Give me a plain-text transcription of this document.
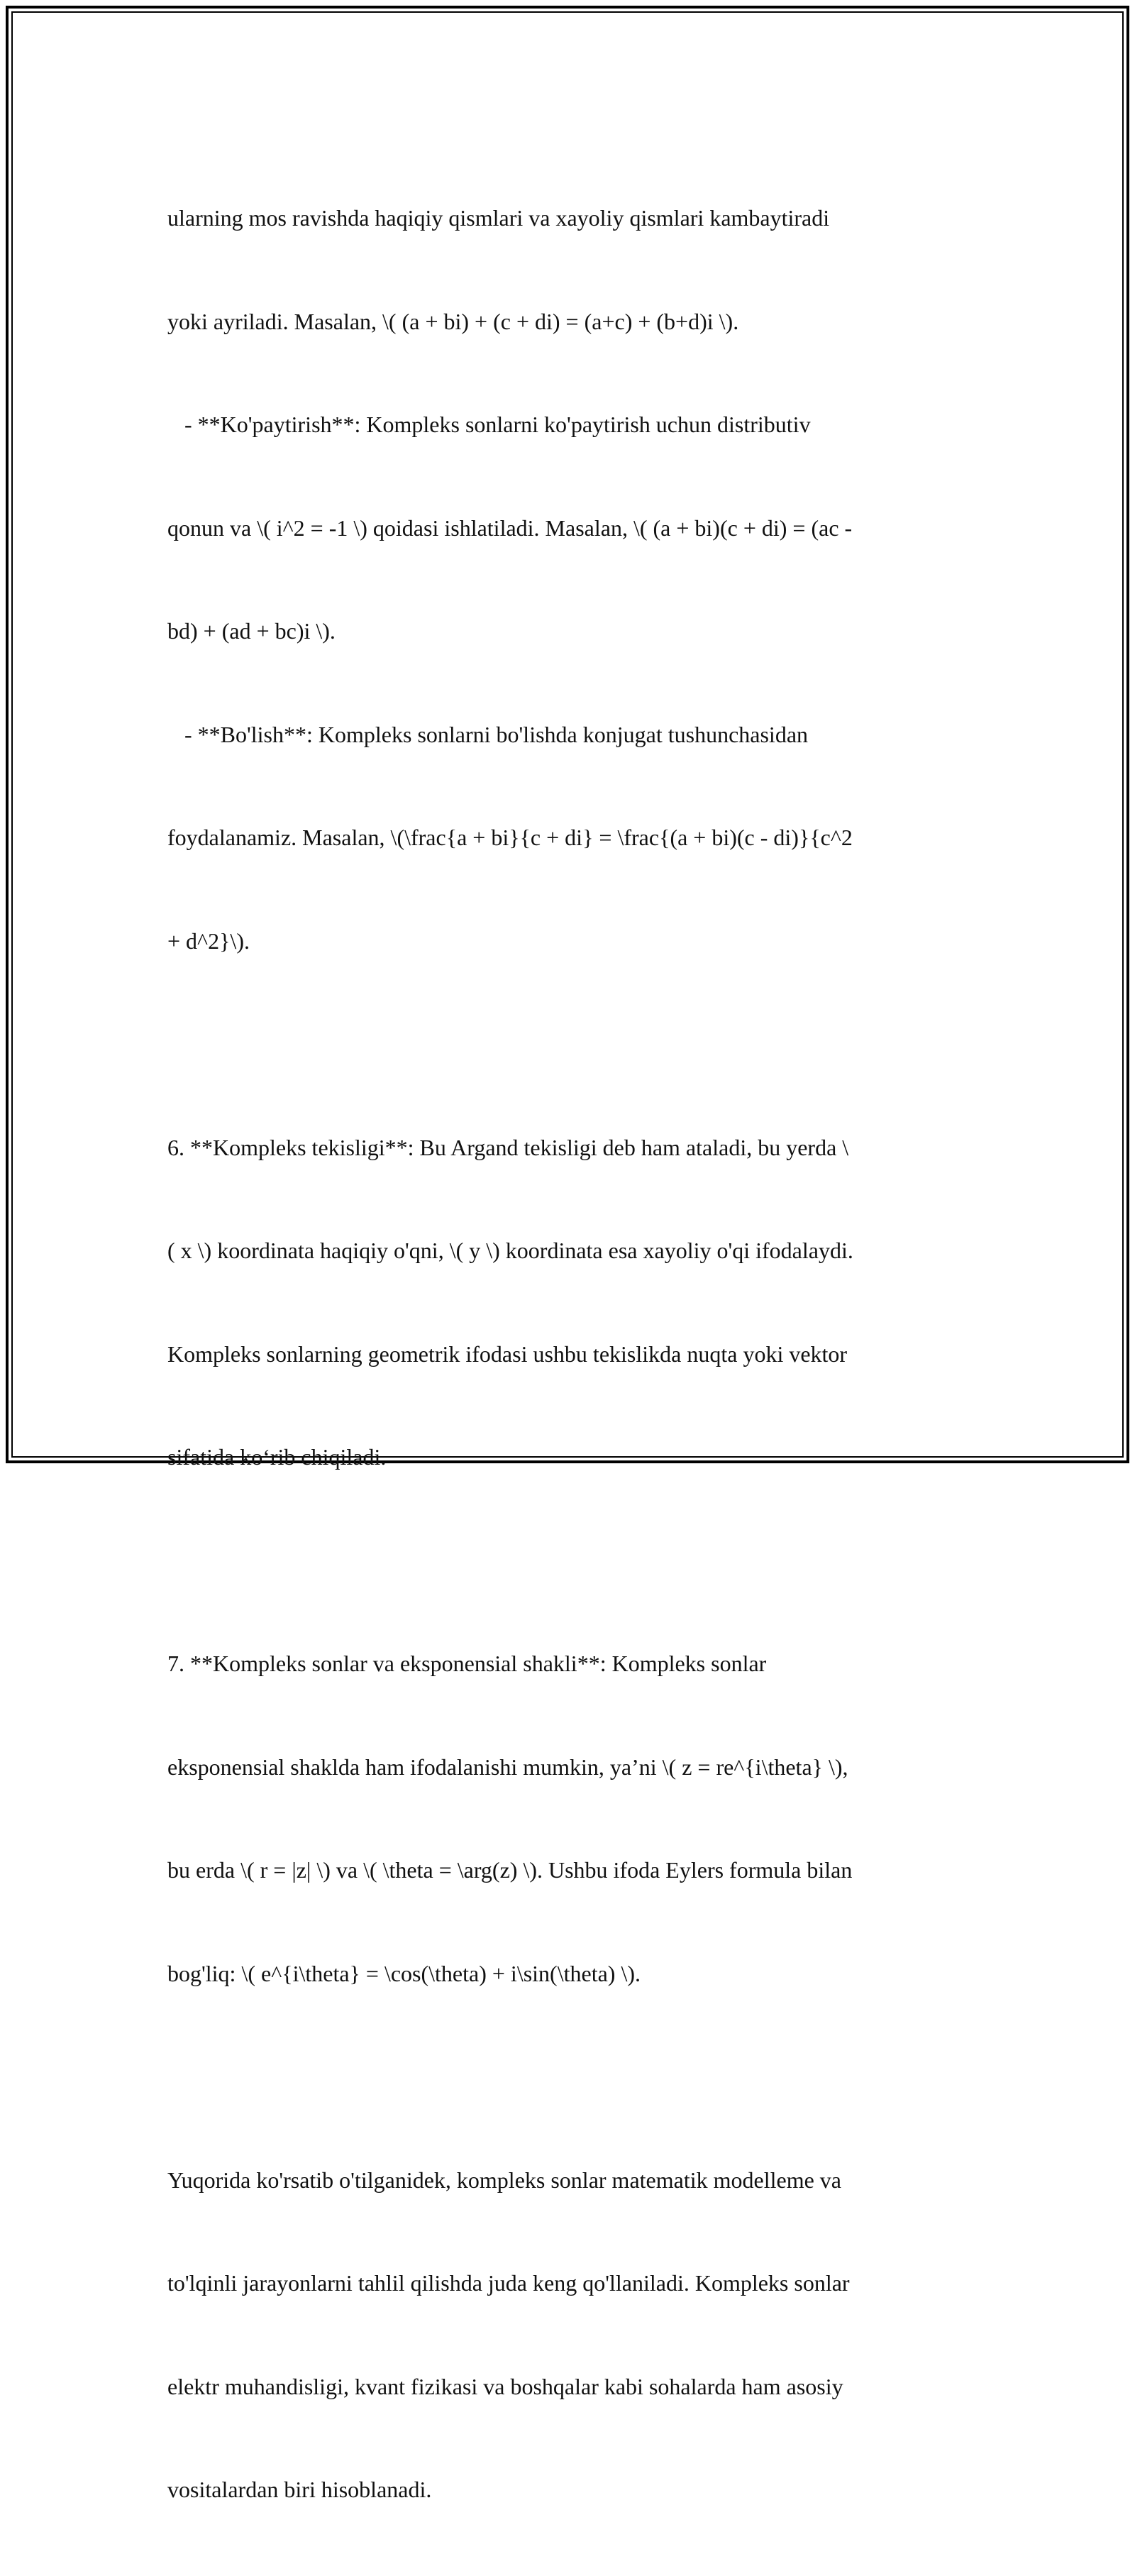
ularning mos ravishda haqiqiy qismlari va xayoliy qismlari kambaytiradi

yoki ayriladi. Masalan, \( (a + bi) + (c + di) = (a+c) + (b+d)i \).

- **Ko'paytirish**: Kompleks sonlarni ko'paytirish uchun distributiv

qonun va \( i^2 = -1 \) qoidasi ishlatiladi. Masalan, \( (a + bi)(c + di) = (ac -

bd) + (ad + bc)i \).

- **Bo'lish**: Kompleks sonlarni bo'lishda konjugat tushunchasidan

foydalanamiz. Masalan, \(\frac{a + bi}{c + di} = \frac{(a + bi)(c - di)}{c^2

+ d^2}\).

6. **Kompleks tekisligi**: Bu Argand tekisligi deb ham ataladi, bu yerda \

( x \) koordinata haqiqiy o'qni, \( y \) koordinata esa xayoliy o'qi ifodalaydi.

Kompleks sonlarning geometrik ifodasi ushbu tekislikda nuqta yoki vektor

sifatida ko‘rib chiqiladi.

7. **Kompleks sonlar va eksponensial shakli**: Kompleks sonlar

eksponensial shakldа ham ifodalanishi mumkin, ya’ni \( z = re^{i\theta} \),

bu erda \( r = |z| \) va \( \theta = \arg(z) \). Ushbu ifoda Eylers formula bilan

bog'liq: \( e^{i\theta} = \cos(\theta) + i\sin(\theta) \).

Yuqorida ko'rsatib o'tilganidek, kompleks sonlar matematik modelleme va

to'lqinli jarayonlarni tahlil qilishda juda keng qo'llaniladi. Kompleks sonlar

elektr muhandisligi, kvant fizikasi va boshqalar kabi sohalarda ham asosiy

vositalardan biri hisoblanadi.
